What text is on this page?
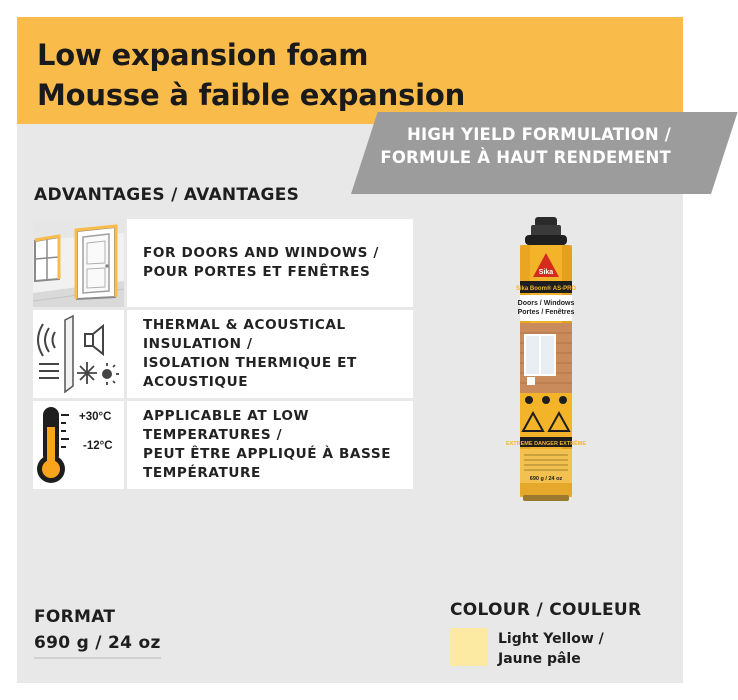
Low expansion foam
Mousse à faible expansion
HIGH YIELD FORMULATION /
FORMULE À HAUT RENDEMENT
ADVANTAGES / AVANTAGES
FOR DOORS AND WINDOWS /
POUR PORTES ET FENÊTRES
THERMAL & ACOUSTICAL
INSULATION /
ISOLATION THERMIQUE ET
ACOUSTIQUE
+30°C
-12°C
APPLICABLE AT LOW
TEMPERATURES /
PEUT ÊTRE APPLIQUÉ À BASSE
TEMPÉRATURE
Sika
Sika Boom® AS-PRO
Doors / Windows
Portes / Fenêtres
EXTREME DANGER EXTRÊME
690 g / 24 oz
FORMAT
690 g / 24 oz
COLOUR / COULEUR
Light Yellow /
Jaune pâle
